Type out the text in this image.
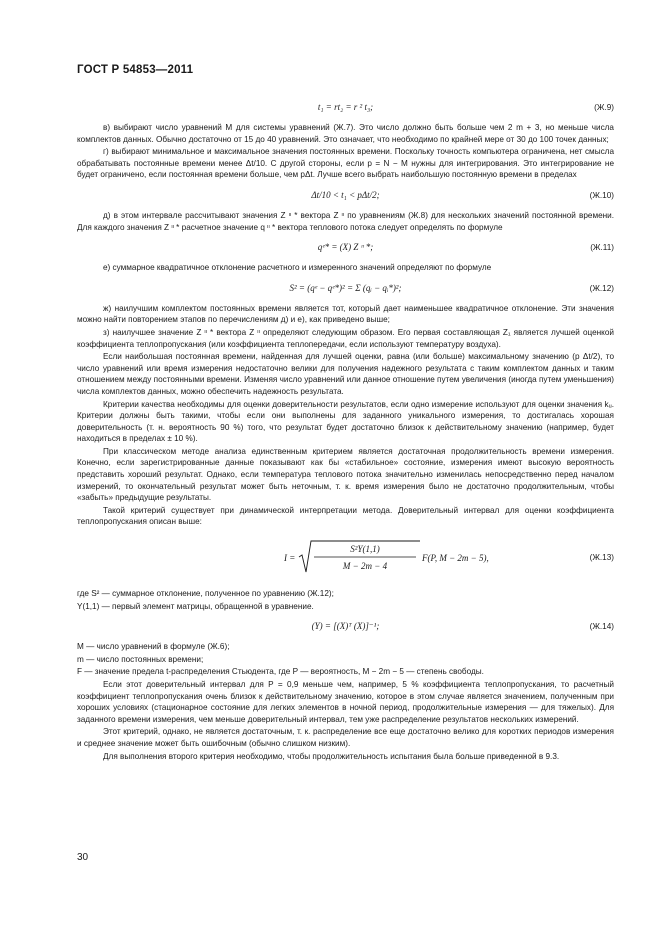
ГОСТ Р 54853—2011
t₁ = rt₂ = r ² t₃;	(Ж.9)

в) выбирают число уравнений M для системы уравнений (Ж.7). Это число должно быть больше чем 2 m + 3, но меньше числа комплектов данных. Обычно достаточно от 15 до 40 уравнений. Это означает, что необходимо по крайней мере от 30 до 100 точек данных;

г) выбирают минимальное и максимальное значения постоянных времени. Поскольку точность компьютера ограничена, нет смысла обрабатывать постоянные времени менее Δt/10. С другой стороны, если p = N − M нужны для интегрирования. Это интегрирование не будет ограничено, если постоянная времени больше, чем pΔt. Лучше всего выбрать наибольшую постоянную времени в пределах

Δt/10 < t₁ < pΔt/2;	(Ж.10)

д) в этом интервале рассчитывают значения Z ᶦᶦ * вектора Z ᶦᶦ по уравнениям (Ж.8) для нескольких значений постоянной времени. Для каждого значения Z ᶦᶦ * расчетное значение q ᶦᶦ * вектора теплового потока следует определять по формуле

qᵉ* = (X) Z ᶦᶦ *;	(Ж.11)

е) суммарное квадратичное отклонение расчетного и измеренного значений определяют по формуле

S² = (qᵉ − qᵉ*)² = Σ (qᵢ − qᵢ*)²;	(Ж.12)

ж) наилучшим комплектом постоянных времени является тот, который дает наименьшее квадратичное отклонение. Эти значения можно найти повторением этапов по перечислениям д) и е), как приведено выше;

з) наилучшее значение Z ᶦᶦ * вектора Z ᶦᶦ определяют следующим образом. Его первая составляющая Z₁ является лучшей оценкой коэффициента теплопропускания (или коэффициента теплопередачи, если используют температуру воздуха).

Если наибольшая постоянная времени, найденная для лучшей оценки, равна (или больше) максимальному значению (p Δt/2), то число уравнений или время измерения недостаточно велики для получения надежного результата с таким комплектом данных и таким отношением между постоянными времени. Изменяя число уравнений или данное отношение путем увеличения (иногда путем уменьшения) числа комплектов данных, можно обеспечить надежность результата.

Критерии качества необходимы для оценки доверительности результатов, если одно измерение используют для оценки значения kᵤ. Критерии должны быть такими, чтобы если они выполнены для заданного уникального измерения, то достигалась хорошая доверительность (т. н. вероятность 90 %) того, что результат будет достаточно близок к действительному значению (например, будет находиться в пределах ± 10 %).

При классическом методе анализа единственным критерием является достаточная продолжительность времени измерения. Конечно, если зарегистрированные данные показывают как бы «стабильное» состояние, измерения имеют высокую вероятность представить хороший результат. Однако, если температура теплового потока значительно изменилась непосредственно перед началом измерений, то окончательный результат может быть неточным, т. к. время измерения было не достаточно продолжительным, чтобы «забыть» предыдущие результаты.

Такой критерий существует при динамической интерпретации метода. Доверительный интервал для оценки коэффициента теплопропускания описан выше:

I =
S²Y(1,1)
M − 2m − 4
F(P, M − 2m − 5),	(Ж.13)

где S² — суммарное отклонение, полученное по уравнению (Ж.12);

Y(1,1) — первый элемент матрицы, обращенной в уравнение.

(Y) = [(X)ᵀ (X)]⁻¹;	(Ж.14)

M — число уравнений в формуле (Ж.6);

m — число постоянных времени;

F — значение предела t-распределения Стьюдента, где P — вероятность, M − 2m − 5 — степень свободы.

Если этот доверительный интервал для P = 0,9 меньше чем, например, 5 % коэффициента теплопропускания, то расчетный коэффициент теплопропускания очень близок к действительному значению, которое в этом случае является значением, полученным при хороших условиях (стационарное состояние для легких элементов в ночной период, продолжительные измерения — для тяжелых). Для заданного времени измерения, чем меньше доверительный интервал, тем уже распределение результатов нескольких измерений.

Этот критерий, однако, не является достаточным, т. к. распределение все еще достаточно велико для коротких периодов измерения и среднее значение может быть ошибочным (обычно слишком низким).

Для выполнения второго критерия необходимо, чтобы продолжительность испытания была больше приведенной в 9.3.

30
